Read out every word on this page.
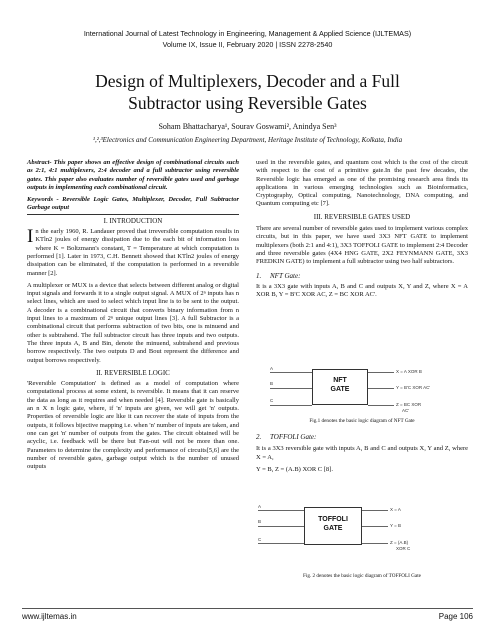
International Journal of Latest Technology in Engineering, Management & Applied Science (IJLTEMAS)
Volume IX, Issue II, February 2020 | ISSN 2278-2540
Design of Multiplexers, Decoder and a Full
Subtractor using Reversible Gates
Soham Bhattacharya¹, Sourav Goswami², Anindya Sen³
¹,²,³Electronics and Communication Engineering Department, Heritage Institute of Technology, Kolkata, India
Abstract- This paper shows an effective design of combinational circuits such as 2:1, 4:1 multiplexers, 2:4 decoder and a full subtractor using reversible gates. This paper also evaluates number of reversible gates used and garbage outputs in implementing each combinational circuit.
Keywords - Reversible Logic Gates, Multiplexer, Decoder, Full Subtractor Garbage output
I. INTRODUCTION
In the early 1960, R. Landauer proved that irreversible computation results in KTln2 joules of energy dissipation due to the each bit of information loss where K = Boltzmann's constant, T = Temperature at which computation is performed [1]. Later in 1973, C.H. Bennett showed that KTln2 joules of energy dissipation can be eliminated, if the computation is performed in a reversible manner [2].
A multiplexer or MUX is a device that selects between different analog or digital input signals and forwards it to a single output signal. A MUX of 2ⁿ inputs has n select lines, which are used to select which input line is to be sent to the output. A decoder is a combinational circuit that converts binary information from n input lines to a maximum of 2ⁿ unique output lines [3]. A full Subtractor is a combinational circuit that performs subtraction of two bits, one is minuend and other is subtrahend. The full subtractor circuit has three inputs and two outputs. The three inputs A, B and Bin, denote the minuend, subtrahend and previous borrow respectively. The two outputs D and Bout represent the difference and output borrows respectively.
II. REVERSIBLE LOGIC
'Reversible Computation' is defined as a model of computation where computational process at some extent, is reversible. It means that it can reserve the data as long as it requires and when needed [4]. Reversible gate is basically an n X n logic gate, where, if 'n' inputs are given, we will get 'n' outputs. Properties of reversible logic are like it can recover the state of inputs from the outputs, it follows bijective mapping i.e. when 'n' number of inputs are taken, and one can get 'n' number of outputs from the gates. The circuit obtained will be acyclic, i.e. feedback will be there but Fan-out will not be more than one. Parameters to determine the complexity and performance of circuits[5,6] are the number of reversible gates, garbage output which is the number of unused outputs
used in the reversible gates, and quantum cost which is the cost of the circuit with respect to the cost of a primitive gate.In the past few decades, the Reversible logic has emerged as one of the promising research area finds its applications in various emerging technologies such as Bioinformatics, Cryptography, Optical computing, Nanotechnology, DNA computing, and Quantum computing etc [7].
III. REVERSIBLE GATES USED
There are several number of reversible gates used to implement various complex circuits, but in this paper, we have used 3X3 NFT GATE to implement multiplexers (both 2:1 and 4:1), 3X3 TOFFOLI GATE to implement 2:4 Decoder and three reversible gates (4X4 HNG GATE, 2X2 FEYNMANN GATE, 3X3 FREDKIN GATE) to implement a full subtractor using two half subtractors.
1. NFT Gate:
It is a 3X3 gate with inputs A, B and C and outputs X, Y and Z, where X = A XOR B, Y = B'C XOR AC, Z = BC XOR AC'.
A
B
C
NFT
GATE
X = A XOR B
Y = B'C XOR AC'
Z = BC XOR
AC'
Fig.1 denotes the basic logic diagram of NFT Gate
2. TOFFOLI Gate:
It is a 3X3 reversible gate with inputs A, B and C and outputs X, Y and Z, where X = A,
Y = B, Z = (A.B) XOR C [8].
A
B
C
TOFFOLI
GATE
X = A
Y = B
Z = (A.B)
XOR C
Fig. 2 denotes the basic logic diagram of TOFFOLI Gate
www.ijltemas.in	Page 106
